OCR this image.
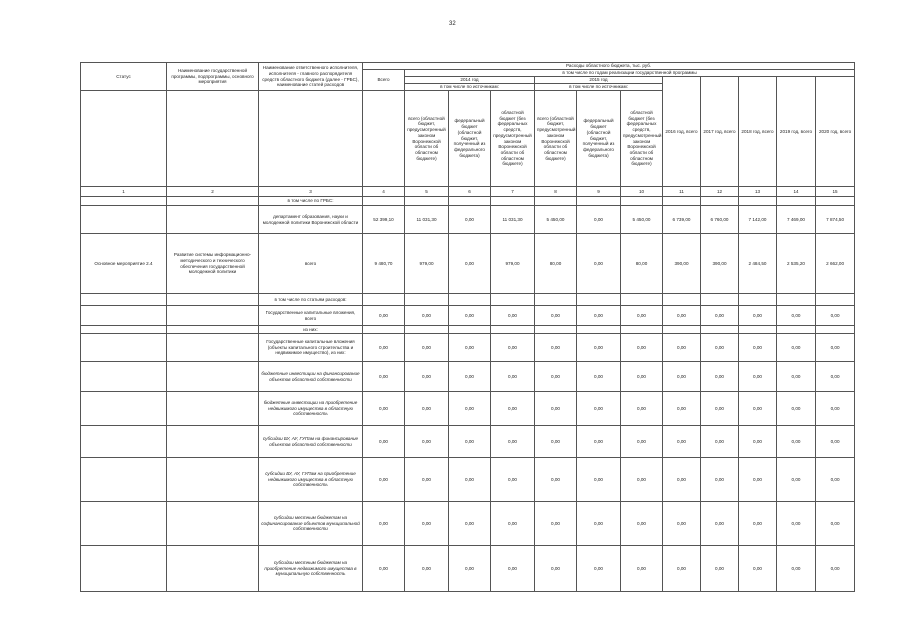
32
Статус	Наименование государственной программы, подпрограммы, основного мероприятия	Наименование ответственного исполнителя, исполнителя - главного распорядителя средств областного бюджета (далее - ГРБС), наименование статей расходов	Расходы областного бюджета, тыс. руб.											
			Всего	в том числе по годам реализации государственной программы										
				2014 год			2015 год			2016 год, всего	2017 год, всего	2018 год, всего	2019 год, всего	2020 год, всего
				в том числе по источникам:			в том числе по источникам:							
				всего (областной бюджет, предусмотренный законом Воронежской области об областном бюджете)	федеральный бюджет (областной бюджет, полученный из федерального бюджета)	областной бюджет (без федеральных средств, предусмотренный законом Воронежской области об областном бюджете)	всего (областной бюджет, предусмотренный законом Воронежской области об областном бюджете)	федеральный бюджет (областной бюджет, полученный из федерального бюджета)	областной бюджет (без федеральных средств, предусмотренный законом Воронежской области об областном бюджете)					
1	2	3	4	5	6	7	8	9	10	11	12	13	14	15
		в том числе по ГРБС:												
		департамент образования, науки и молодежной политики Воронежской области	52 399,10	11 031,30	0,00	11 031,30	5 450,00	0,00	5 450,00	6 739,00	6 760,00	7 142,00	7 469,00	7 874,50
Основное мероприятие 2.4	Развитие системы информационно-методического и технического обеспечения государственной молодежной политики	всего	9 480,70	979,00	0,00	979,00	80,00	0,00	80,00	390,00	390,00	2 484,50	2 535,20	2 662,00
		в том числе по статьям расходов:												
		Государственные капитальные вложения, всего	0,00	0,00	0,00	0,00	0,00	0,00	0,00	0,00	0,00	0,00	0,00	0,00
		из них:												
		Государственные капитальные вложения (объекты капитального строительства и недвижимое имущество), из них:	0,00	0,00	0,00	0,00	0,00	0,00	0,00	0,00	0,00	0,00	0,00	0,00
		бюджетные инвестиции на финансирование объектов областной собственности	0,00	0,00	0,00	0,00	0,00	0,00	0,00	0,00	0,00	0,00	0,00	0,00
		бюджетные инвестиции на приобретение недвижимого имущества в областную собственность	0,00	0,00	0,00	0,00	0,00	0,00	0,00	0,00	0,00	0,00	0,00	0,00
		субсидии БУ, АУ, ГУПам на финансирование объектов областной собственности	0,00	0,00	0,00	0,00	0,00	0,00	0,00	0,00	0,00	0,00	0,00	0,00
		субсидии БУ, АУ, ГУПам на приобретение недвижимого имущества в областную собственность	0,00	0,00	0,00	0,00	0,00	0,00	0,00	0,00	0,00	0,00	0,00	0,00
		субсидии местным бюджетам на софинансирование объектов муниципальной собственности	0,00	0,00	0,00	0,00	0,00	0,00	0,00	0,00	0,00	0,00	0,00	0,00
		субсидии местным бюджетам на приобретение недвижимого имущества в муниципальную собственность	0,00	0,00	0,00	0,00	0,00	0,00	0,00	0,00	0,00	0,00	0,00	0,00
